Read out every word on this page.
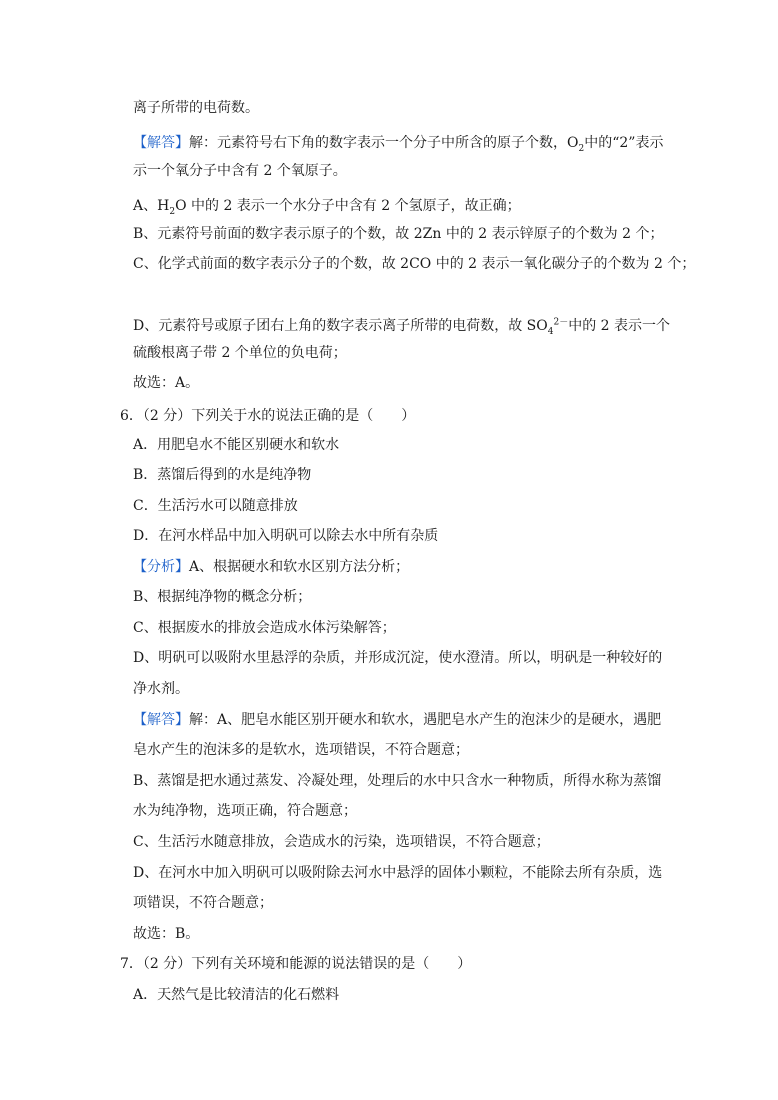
离子所带的电荷数。
【解答】解：元素符号右下角的数字表示一个分子中所含的原子个数，$O_2$中的“2”表示
示一个氧分子中含有 2 个氧原子。
A、$H_2O$ 中的 2 表示一个水分子中含有 2 个氢原子，故正确；
B、元素符号前面的数字表示原子的个数，故 2Zn 中的 2 表示锌原子的个数为 2 个；
C、化学式前面的数字表示分子的个数，故 2CO 中的 2 表示一氧化碳分子的个数为 2 个；
D、元素符号或原子团右上角的数字表示离子所带的电荷数，故 $SO_4^{2-}$中的 2 表示一个
硫酸根离子带 2 个单位的负电荷；
故选：A。
6．（2 分）下列关于水的说法正确的是（　　）
A．用肥皂水不能区别硬水和软水
B．蒸馏后得到的水是纯净物
C．生活污水可以随意排放
D．在河水样品中加入明矾可以除去水中所有杂质
【分析】A、根据硬水和软水区别方法分析；
B、根据纯净物的概念分析；
C、根据废水的排放会造成水体污染解答；
D、明矾可以吸附水里悬浮的杂质，并形成沉淀，使水澄清。所以，明矾是一种较好的
净水剂。
【解答】解：A、肥皂水能区别开硬水和软水，遇肥皂水产生的泡沫少的是硬水，遇肥
皂水产生的泡沫多的是软水，选项错误，不符合题意；
B、蒸馏是把水通过蒸发、冷凝处理，处理后的水中只含水一种物质，所得水称为蒸馏
水为纯净物，选项正确，符合题意；
C、生活污水随意排放，会造成水的污染，选项错误，不符合题意；
D、在河水中加入明矾可以吸附除去河水中悬浮的固体小颗粒，不能除去所有杂质，选
项错误，不符合题意；
故选：B。
7．（2 分）下列有关环境和能源的说法错误的是（　　）
A．天然气是比较清洁的化石燃料
